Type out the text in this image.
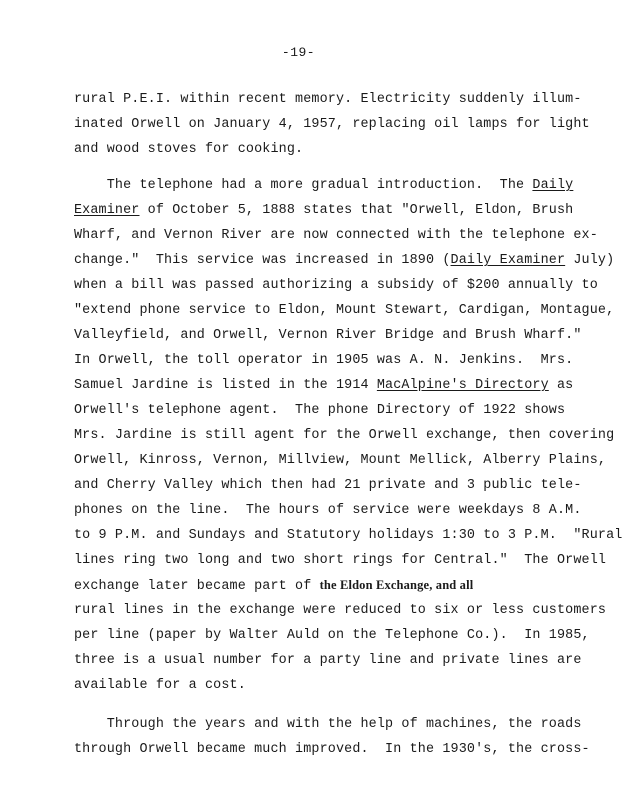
-19-
rural P.E.I. within recent memory. Electricity suddenly illum-
inated Orwell on January 4, 1957, replacing oil lamps for light
and wood stoves for cooking.
The telephone had a more gradual introduction.  The Daily
Examiner of October 5, 1888 states that "Orwell, Eldon, Brush
Wharf, and Vernon River are now connected with the telephone ex-
change."  This service was increased in 1890 (Daily Examiner July)
when a bill was passed authorizing a subsidy of $200 annually to
"extend phone service to Eldon, Mount Stewart, Cardigan, Montague,
Valleyfield, and Orwell, Vernon River Bridge and Brush Wharf."
In Orwell, the toll operator in 1905 was A. N. Jenkins.  Mrs.
Samuel Jardine is listed in the 1914 MacAlpine's Directory as
Orwell's telephone agent.  The phone Directory of 1922 shows
Mrs. Jardine is still agent for the Orwell exchange, then covering
Orwell, Kinross, Vernon, Millview, Mount Mellick, Alberry Plains,
and Cherry Valley which then had 21 private and 3 public tele-
phones on the line.  The hours of service were weekdays 8 A.M.
to 9 P.M. and Sundays and Statutory holidays 1:30 to 3 P.M.  "Rural
lines ring two long and two short rings for Central."  The Orwell
exchange later became part of the Eldon Exchange, and all
rural lines in the exchange were reduced to six or less customers
per line (paper by Walter Auld on the Telephone Co.).  In 1985,
three is a usual number for a party line and private lines are
available for a cost.
Through the years and with the help of machines, the roads
through Orwell became much improved.  In the 1930's, the cross-
